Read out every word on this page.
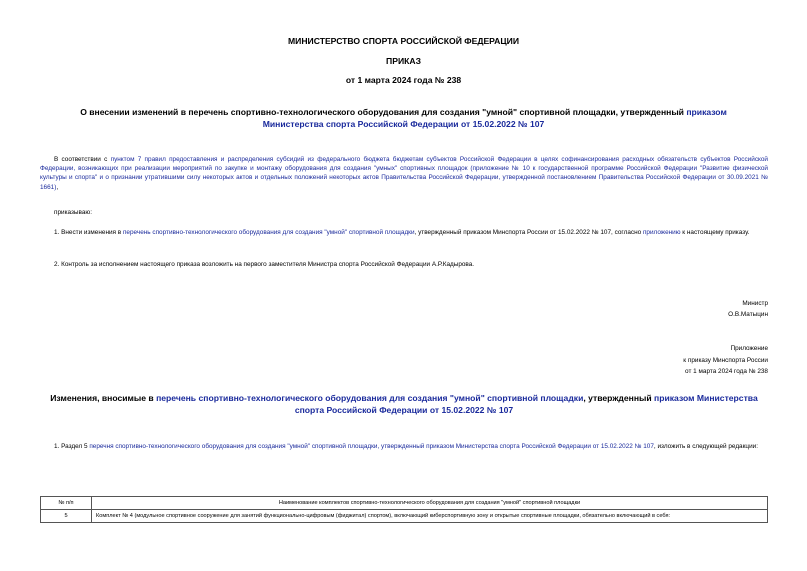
МИНИСТЕРСТВО СПОРТА РОССИЙСКОЙ ФЕДЕРАЦИИ
ПРИКАЗ
от 1 марта 2024 года № 238
О внесении изменений в перечень спортивно-технологического оборудования для создания "умной" спортивной площадки, утвержденный приказом Министерства спорта Российской Федерации от 15.02.2022 № 107
В соответствии с пунктом 7 правил предоставления и распределения субсидий из федерального бюджета бюджетам субъектов Российской Федерации в целях софинансирования расходных обязательств субъектов Российской Федерации, возникающих при реализации мероприятий по закупке и монтажу оборудования для создания "умных" спортивных площадок (приложение № 10 к государственной программе Российской Федерации "Развитие физической культуры и спорта" и о признании утратившими силу некоторых актов и отдельных положений некоторых актов Правительства Российской Федерации, утвержденной постановлением Правительства Российской Федерации от 30.09.2021 № 1661),
приказываю:
1. Внести изменения в перечень спортивно-технологического оборудования для создания "умной" спортивной площадки, утвержденный приказом Минспорта России от 15.02.2022 № 107, согласно приложению к настоящему приказу.
2. Контроль за исполнением настоящего приказа возложить на первого заместителя Министра спорта Российской Федерации А.Р.Кадырова.
Министр
О.В.Матыцин
Приложение
к приказу Минспорта России
от 1 марта 2024 года № 238
Изменения, вносимые в перечень спортивно-технологического оборудования для создания "умной" спортивной площадки, утвержденный приказом Министерства спорта Российской Федерации от 15.02.2022 № 107
1. Раздел 5 перечня спортивно-технологического оборудования для создания "умной" спортивной площадки, утвержденный приказом Министерства спорта Российской Федерации от 15.02.2022 № 107, изложить в следующей редакции:
№ п/п	Наименование комплектов спортивно-технологического оборудования для создания "умной" спортивной площадки
5	Комплект № 4 (модульное спортивное сооружение для занятий функционально-цифровым (фиджитал) спортом), включающий киберспортивную зону и открытые спортивные площадки, обязательно включающий в себя:
